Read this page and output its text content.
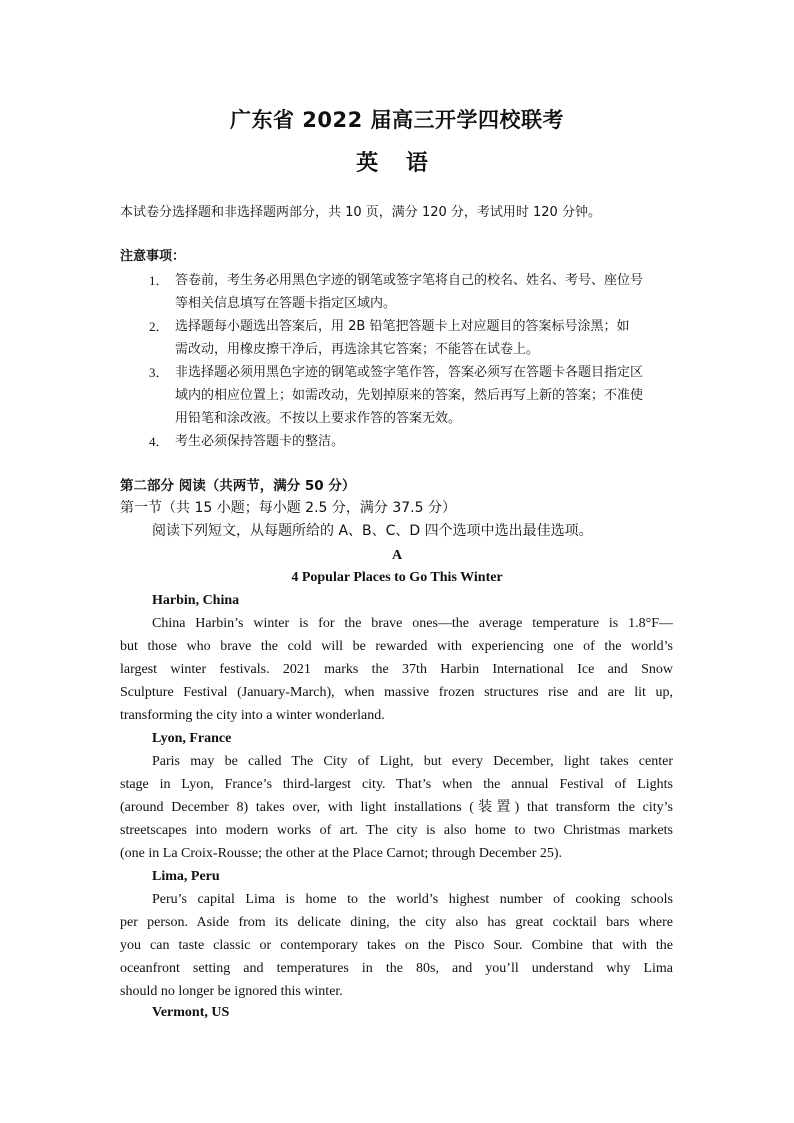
广东省 2022 届高三开学四校联考
英 语
本试卷分选择题和非选择题两部分，共 10 页，满分 120 分，考试用时 120 分钟。
注意事项：
1． 答卷前，考生务必用黑色字迹的钢笔或签字笔将自己的校名、姓名、考号、座位号
等相关信息填写在答题卡指定区域内。
2． 选择题每小题选出答案后，用 2B 铅笔把答题卡上对应题目的答案标号涂黑；如
需改动，用橡皮擦干净后，再选涂其它答案；不能答在试卷上。
3． 非选择题必须用黑色字迹的钢笔或签字笔作答，答案必须写在答题卡各题目指定区
域内的相应位置上；如需改动，先划掉原来的答案，然后再写上新的答案；不准使
用铅笔和涂改液。不按以上要求作答的答案无效。
4． 考生必须保持答题卡的整洁。
第二部分 阅读（共两节，满分 50 分）
第一节（共 15 小题；每小题 2.5 分，满分 37.5 分）
阅读下列短文，从每题所给的 A、B、C、D 四个选项中选出最佳选项。
A
4 Popular Places to Go This Winter
Harbin, China
China Harbin’s winter is for the brave ones—the average temperature is 1.8°F—
but those who brave the cold will be rewarded with experiencing one of the world’s
largest winter festivals. 2021 marks the 37th Harbin International Ice and Snow
Sculpture Festival (January-March), when massive frozen structures rise and are lit up,
transforming the city into a winter wonderland.
Lyon, France
Paris may be called The City of Light, but every December, light takes center
stage in Lyon, France’s third-largest city. That’s when the annual Festival of Lights
(around December 8) takes over, with light installations (装置) that transform the city’s
streetscapes into modern works of art. The city is also home to two Christmas markets
(one in La Croix-Rousse; the other at the Place Carnot; through December 25).
Lima, Peru
Peru’s capital Lima is home to the world’s highest number of cooking schools
per person. Aside from its delicate dining, the city also has great cocktail bars where
you can taste classic or contemporary takes on the Pisco Sour. Combine that with the
oceanfront setting and temperatures in the 80s, and you’ll understand why Lima
should no longer be ignored this winter.
Vermont, US
